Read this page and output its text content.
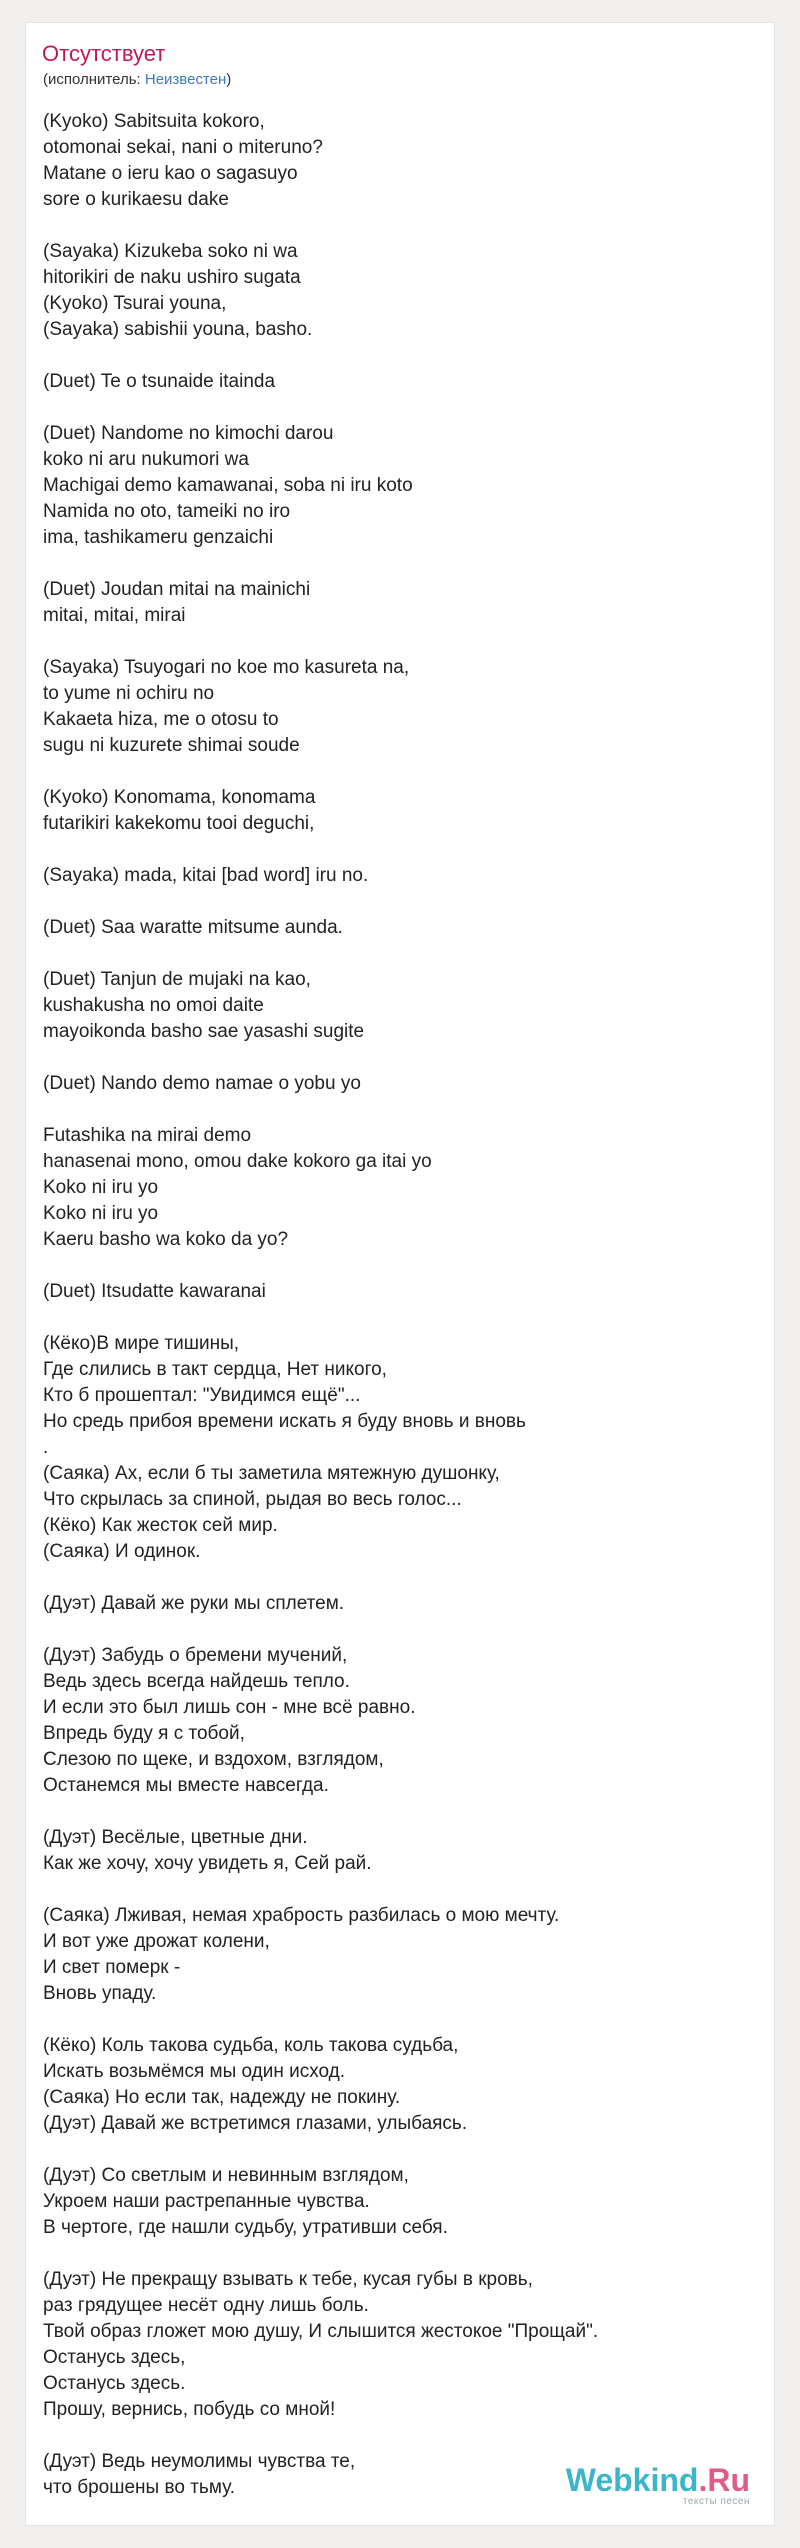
Отсутствует
(исполнитель: Неизвестен)
(Kyoko) Sabitsuita kokoro,
otomonai sekai, nani o miteruno?
Matane o ieru kao o sagasuyo
sore o kurikaesu dake
(Sayaka) Kizukeba soko ni wa
hitorikiri de naku ushiro sugata
(Kyoko) Tsurai youna,
(Sayaka) sabishii youna, basho.
(Duet) Te o tsunaide itainda
(Duet) Nandome no kimochi darou
koko ni aru nukumori wa
Machigai demo kamawanai, soba ni iru koto
Namida no oto, tameiki no iro
ima, tashikameru genzaichi
(Duet) Joudan mitai na mainichi
mitai, mitai, mirai
(Sayaka) Tsuyogari no koe mo kasureta na,
to yume ni ochiru no
Kakaeta hiza, me o otosu to
sugu ni kuzurete shimai soude
(Kyoko) Konomama, konomama
futarikiri kakekomu tooi deguchi,
(Sayaka) mada, kitai [bad word] iru no.
(Duet) Saa waratte mitsume aunda.
(Duet) Tanjun de mujaki na kao,
kushakusha no omoi daite
mayoikonda basho sae yasashi sugite
(Duet) Nando demo namae o yobu yo
Futashika na mirai demo
hanasenai mono, omou dake kokoro ga itai yo
Koko ni iru yo
Koko ni iru yo
Kaeru basho wa koko da yo?
(Duet) Itsudatte kawaranai
(Кёко)В мире тишины,
Где слились в такт сердца, Нет никого,
Кто б прошептал: "Увидимся ещё"...
Но средь прибоя времени искать я буду вновь и вновь
.
(Саяка) Ах, если б ты заметила мятежную душонку,
Что скрылась за спиной, рыдая во весь голос...
(Кёко) Как жесток сей мир.
(Саяка) И одинок.
(Дуэт) Давай же руки мы сплетем.
(Дуэт) Забудь о бремени мучений,
Ведь здесь всегда найдешь тепло.
И если это был лишь сон - мне всё равно.
Впредь буду я с тобой,
Слезою по щеке, и вздохом, взглядом,
Останемся мы вместе навсегда.
(Дуэт) Весёлые, цветные дни.
Как же хочу, хочу увидеть я, Сей рай.
(Саяка) Лживая, немая храбрость разбилась о мою мечту.
И вот уже дрожат колени,
И свет померк -
Вновь упаду.
(Кёко) Коль такова судьба, коль такова судьба,
Искать возьмёмся мы один исход.
(Саяка) Но если так, надежду не покину.
(Дуэт) Давай же встретимся глазами, улыбаясь.
(Дуэт) Со светлым и невинным взглядом,
Укроем наши растрепанные чувства.
В чертоге, где нашли судьбу, утративши себя.
(Дуэт) Не прекращу взывать к тебе, кусая губы в кровь,
раз грядущее несёт одну лишь боль.
Твой образ гложет мою душу, И слышится жестокое "Прощай".
Останусь здесь,
Останусь здесь.
Прошу, вернись, побудь со мной!
(Дуэт) Ведь неумолимы чувства те,
что брошены во тьму.	Webkind.Ru
тексты песен
